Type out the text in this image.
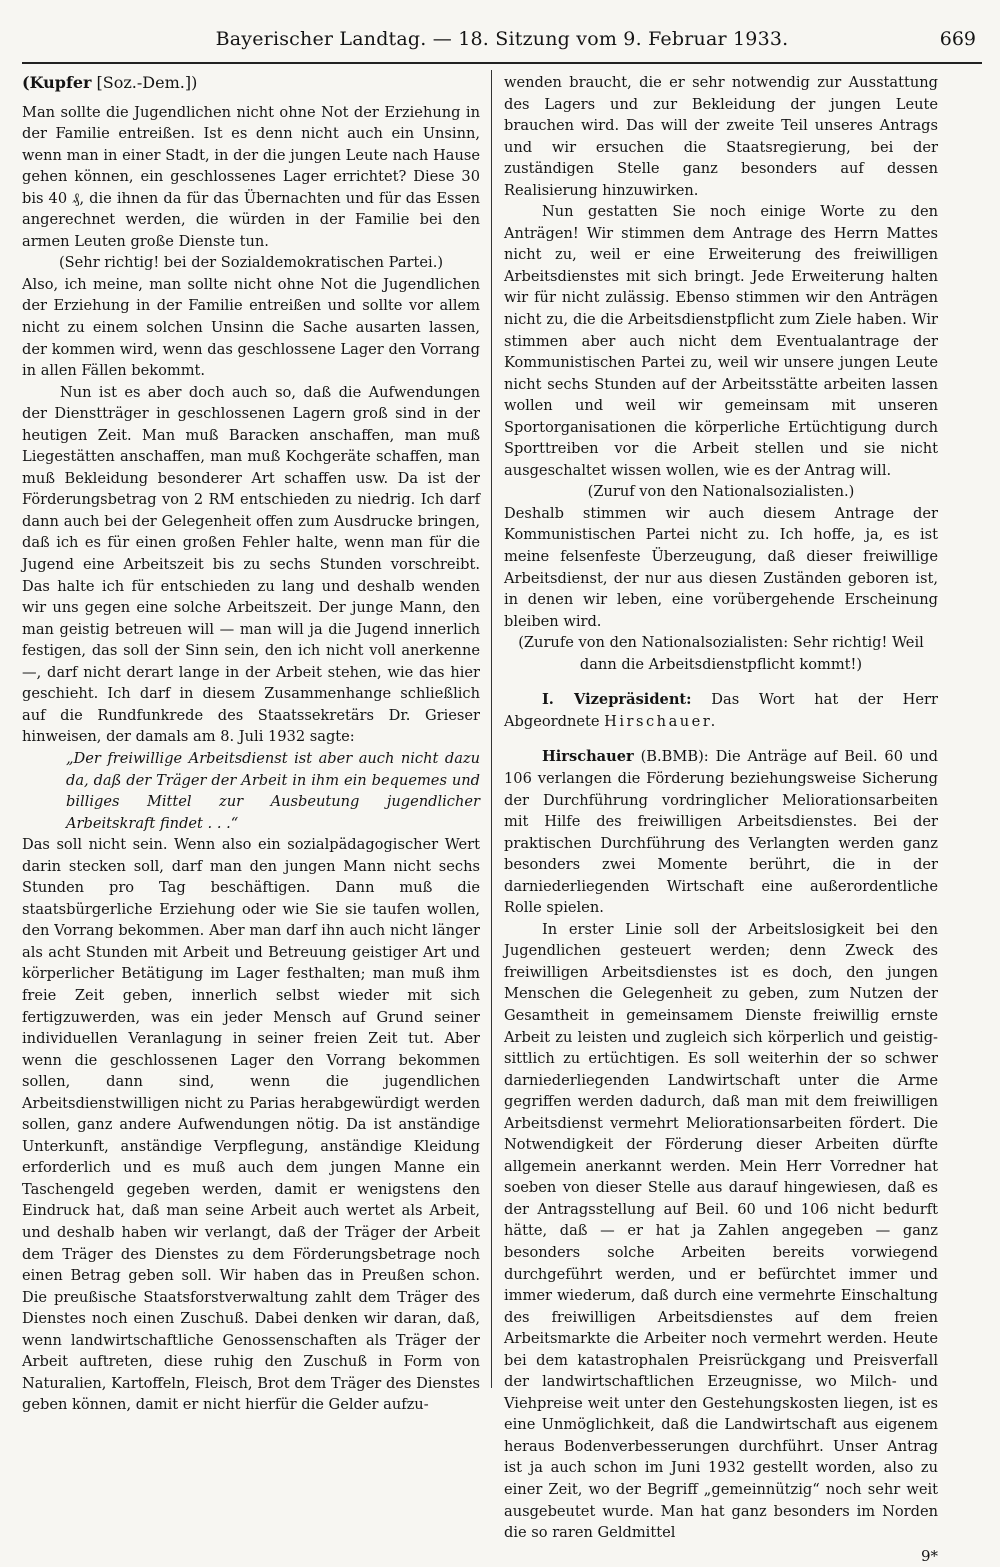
Bayerischer Landtag. — 18. Sitzung vom 9. Februar 1933.	669
(Kupfer [Soz.-Dem.])

Man sollte die Jugendlichen nicht ohne Not der Erziehung in der Familie entreißen. Ist es denn nicht auch ein Unsinn, wenn man in einer Stadt, in der die jungen Leute nach Hause gehen können, ein geschlossenes Lager errichtet? Diese 30 bis 40 ₰, die ihnen da für das Übernachten und für das Essen angerechnet werden, die würden in der Familie bei den armen Leuten große Dienste tun.

(Sehr richtig! bei der Sozialdemokratischen Partei.)

Also, ich meine, man sollte nicht ohne Not die Jugendlichen der Erziehung in der Familie entreißen und sollte vor allem nicht zu einem solchen Unsinn die Sache ausarten lassen, der kommen wird, wenn das geschlossene Lager den Vorrang in allen Fällen bekommt.

Nun ist es aber doch auch so, daß die Aufwendungen der Dienstträger in geschlossenen Lagern groß sind in der heutigen Zeit. Man muß Baracken anschaffen, man muß Liegestätten anschaffen, man muß Kochgeräte schaffen, man muß Bekleidung besonderer Art schaffen usw. Da ist der Förderungsbetrag von 2 RM entschieden zu niedrig. Ich darf dann auch bei der Gelegenheit offen zum Ausdrucke bringen, daß ich es für einen großen Fehler halte, wenn man für die Jugend eine Arbeitszeit bis zu sechs Stunden vorschreibt. Das halte ich für entschieden zu lang und deshalb wenden wir uns gegen eine solche Arbeitszeit. Der junge Mann, den man geistig betreuen will — man will ja die Jugend innerlich festigen, das soll der Sinn sein, den ich nicht voll anerkenne —, darf nicht derart lange in der Arbeit stehen, wie das hier geschieht. Ich darf in diesem Zusammenhange schließlich auf die Rundfunkrede des Staatssekretärs Dr. Grieser hinweisen, der damals am 8. Juli 1932 sagte:

„Der freiwillige Arbeitsdienst ist aber auch nicht dazu da, daß der Träger der Arbeit in ihm ein bequemes und billiges Mittel zur Ausbeutung jugendlicher Arbeitskraft findet . . .“

Das soll nicht sein. Wenn also ein sozialpädagogischer Wert darin stecken soll, darf man den jungen Mann nicht sechs Stunden pro Tag beschäftigen. Dann muß die staatsbürgerliche Erziehung oder wie Sie sie taufen wollen, den Vorrang bekommen. Aber man darf ihn auch nicht länger als acht Stunden mit Arbeit und Betreuung geistiger Art und körperlicher Betätigung im Lager festhalten; man muß ihm freie Zeit geben, innerlich selbst wieder mit sich fertigzuwerden, was ein jeder Mensch auf Grund seiner individuellen Veranlagung in seiner freien Zeit tut. Aber wenn die geschlossenen Lager den Vorrang bekommen sollen, dann sind, wenn die jugendlichen Arbeitsdienstwilligen nicht zu Parias herabgewürdigt werden sollen, ganz andere Aufwendungen nötig. Da ist anständige Unterkunft, anständige Verpflegung, anständige Kleidung erforderlich und es muß auch dem jungen Manne ein Taschengeld gegeben werden, damit er wenigstens den Eindruck hat, daß man seine Arbeit auch wertet als Arbeit, und deshalb haben wir verlangt, daß der Träger der Arbeit dem Träger des Dienstes zu dem Förderungsbetrage noch einen Betrag geben soll. Wir haben das in Preußen schon. Die preußische Staatsforstverwaltung zahlt dem Träger des Dienstes noch einen Zuschuß. Dabei denken wir daran, daß, wenn landwirtschaftliche Genossenschaften als Träger der Arbeit auftreten, diese ruhig den Zuschuß in Form von Naturalien, Kartoffeln, Fleisch, Brot dem Träger des Dienstes geben können, damit er nicht hierfür die Gelder aufzu-

wenden braucht, die er sehr notwendig zur Ausstattung des Lagers und zur Bekleidung der jungen Leute brauchen wird. Das will der zweite Teil unseres Antrags und wir ersuchen die Staatsregierung, bei der zuständigen Stelle ganz besonders auf dessen Realisierung hinzuwirken.

Nun gestatten Sie noch einige Worte zu den Anträgen! Wir stimmen dem Antrage des Herrn Mattes nicht zu, weil er eine Erweiterung des freiwilligen Arbeitsdienstes mit sich bringt. Jede Erweiterung halten wir für nicht zulässig. Ebenso stimmen wir den Anträgen nicht zu, die die Arbeitsdienstpflicht zum Ziele haben. Wir stimmen aber auch nicht dem Eventualantrage der Kommunistischen Partei zu, weil wir unsere jungen Leute nicht sechs Stunden auf der Arbeitsstätte arbeiten lassen wollen und weil wir gemeinsam mit unseren Sportorganisationen die körperliche Ertüchtigung durch Sporttreiben vor die Arbeit stellen und sie nicht ausgeschaltet wissen wollen, wie es der Antrag will.

(Zuruf von den Nationalsozialisten.)

Deshalb stimmen wir auch diesem Antrage der Kommunistischen Partei nicht zu. Ich hoffe, ja, es ist meine felsenfeste Überzeugung, daß dieser freiwillige Arbeitsdienst, der nur aus diesen Zuständen geboren ist, in denen wir leben, eine vorübergehende Erscheinung bleiben wird.

(Zurufe von den Nationalsozialisten: Sehr richtig! Weil dann die Arbeitsdienstpflicht kommt!)

I. Vizepräsident: Das Wort hat der Herr Abgeordnete Hirschauer.

Hirschauer (B.BMB): Die Anträge auf Beil. 60 und 106 verlangen die Förderung beziehungsweise Sicherung der Durchführung vordringlicher Meliorationsarbeiten mit Hilfe des freiwilligen Arbeitsdienstes. Bei der praktischen Durchführung des Verlangten werden ganz besonders zwei Momente berührt, die in der darniederliegenden Wirtschaft eine außerordentliche Rolle spielen.

In erster Linie soll der Arbeitslosigkeit bei den Jugendlichen gesteuert werden; denn Zweck des freiwilligen Arbeitsdienstes ist es doch, den jungen Menschen die Gelegenheit zu geben, zum Nutzen der Gesamtheit in gemeinsamem Dienste freiwillig ernste Arbeit zu leisten und zugleich sich körperlich und geistig-sittlich zu ertüchtigen. Es soll weiterhin der so schwer darniederliegenden Landwirtschaft unter die Arme gegriffen werden dadurch, daß man mit dem freiwilligen Arbeitsdienst vermehrt Meliorationsarbeiten fördert. Die Notwendigkeit der Förderung dieser Arbeiten dürfte allgemein anerkannt werden. Mein Herr Vorredner hat soeben von dieser Stelle aus darauf hingewiesen, daß es der Antragsstellung auf Beil. 60 und 106 nicht bedurft hätte, daß — er hat ja Zahlen angegeben — ganz besonders solche Arbeiten bereits vorwiegend durchgeführt werden, und er befürchtet immer und immer wiederum, daß durch eine vermehrte Einschaltung des freiwilligen Arbeitsdienstes auf dem freien Arbeitsmarkte die Arbeiter noch vermehrt werden. Heute bei dem katastrophalen Preisrückgang und Preisverfall der landwirtschaftlichen Erzeugnisse, wo Milch- und Viehpreise weit unter den Gestehungskosten liegen, ist es eine Unmöglichkeit, daß die Landwirtschaft aus eigenem heraus Bodenverbesserungen durchführt. Unser Antrag ist ja auch schon im Juni 1932 gestellt worden, also zu einer Zeit, wo der Begriff „gemeinnützig“ noch sehr weit ausgebeutet wurde. Man hat ganz besonders im Norden die so raren Geldmittel

9*
